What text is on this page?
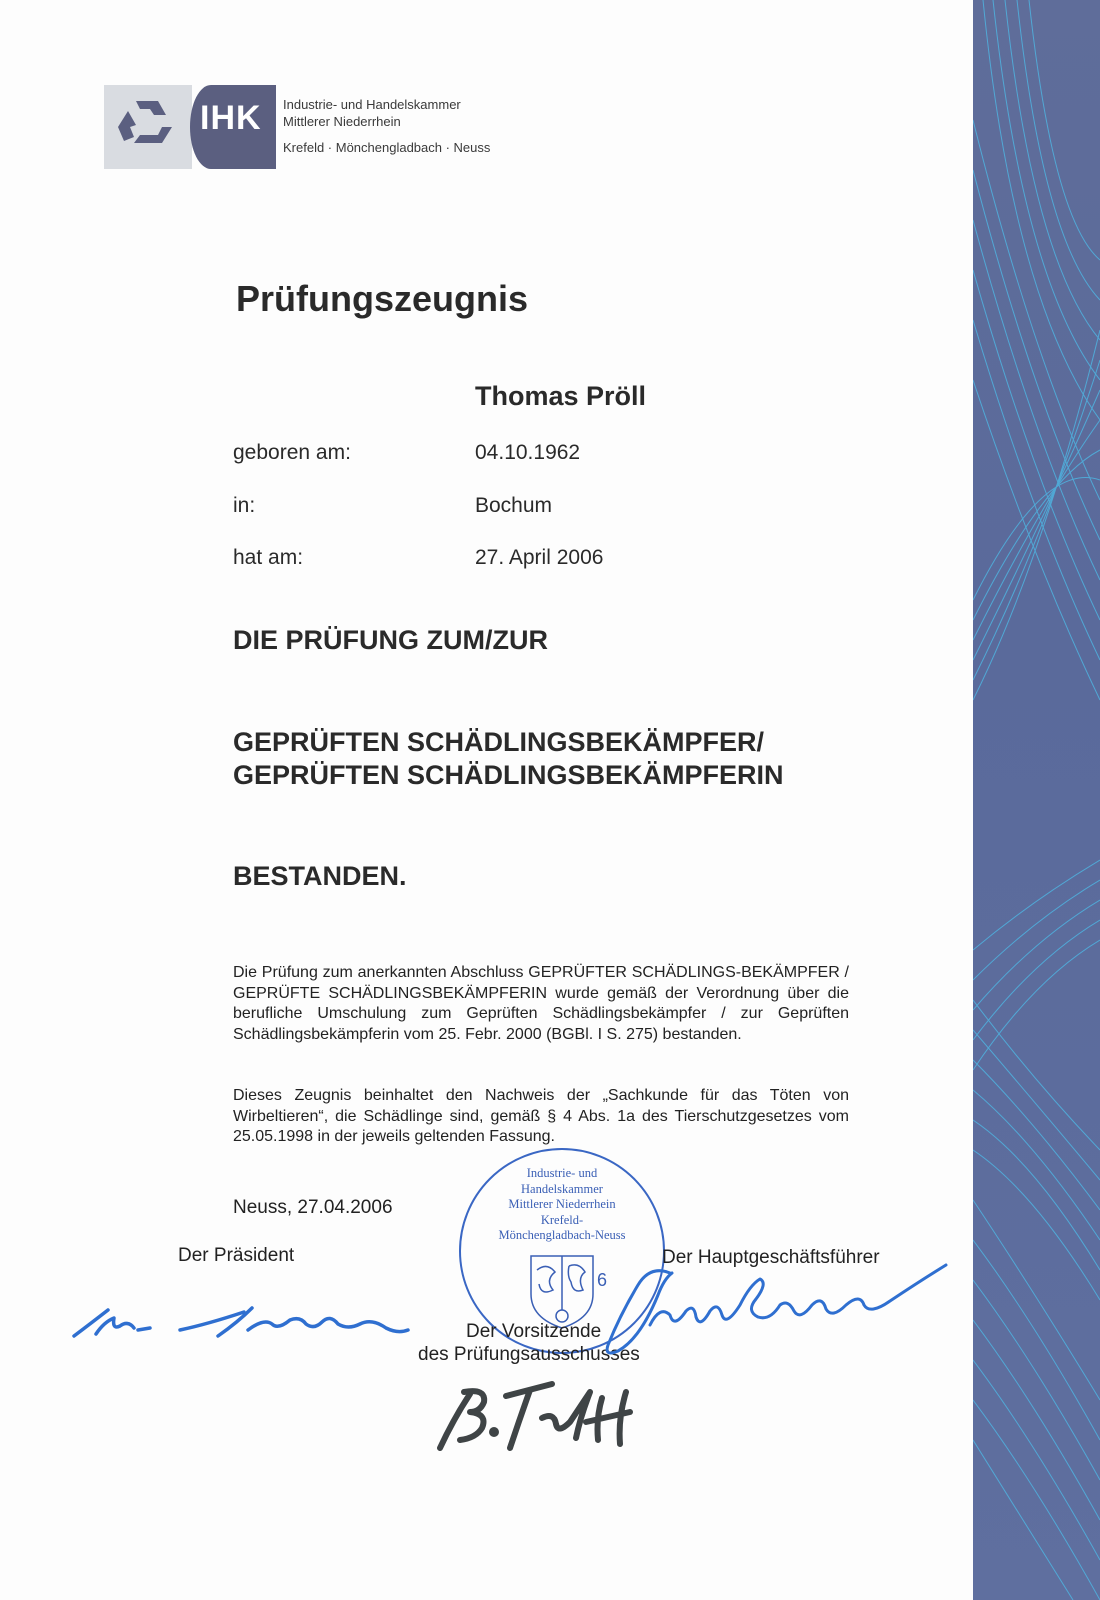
IHK Industrie- und Handelskammer
Mittlerer Niederrhein
Krefeld · Mönchengladbach · Neuss
Prüfungszeugnis
Thomas Pröll
geboren am:	04.10.1962
in:	Bochum
hat am:	27. April 2006
DIE PRÜFUNG ZUM/ZUR
GEPRÜFTEN SCHÄDLINGSBEKÄMPFER/
GEPRÜFTEN SCHÄDLINGSBEKÄMPFERIN
BESTANDEN.
Die Prüfung zum anerkannten Abschluss GEPRÜFTER SCHÄDLINGS-BEKÄMPFER / GEPRÜFTE SCHÄDLINGSBEKÄMPFERIN wurde gemäß der Verordnung über die berufliche Umschulung zum Geprüften Schädlingsbekämpfer / zur Geprüften Schädlingsbekämpferin vom 25. Febr. 2000 (BGBl. I S. 275) bestanden.
Dieses Zeugnis beinhaltet den Nachweis der „Sachkunde für das Töten von Wirbeltieren“, die Schädlinge sind, gemäß § 4 Abs. 1a des Tierschutzgesetzes vom 25.05.1998 in der jeweils geltenden Fassung.
Neuss, 27.04.2006
Industrie- und
Handelskammer
Mittlerer Niederrhein
Krefeld-
Mönchengladbach-Neuss
6
Der Präsident	Der Hauptgeschäftsführer
Der Vorsitzende
des Prüfungsausschusses
